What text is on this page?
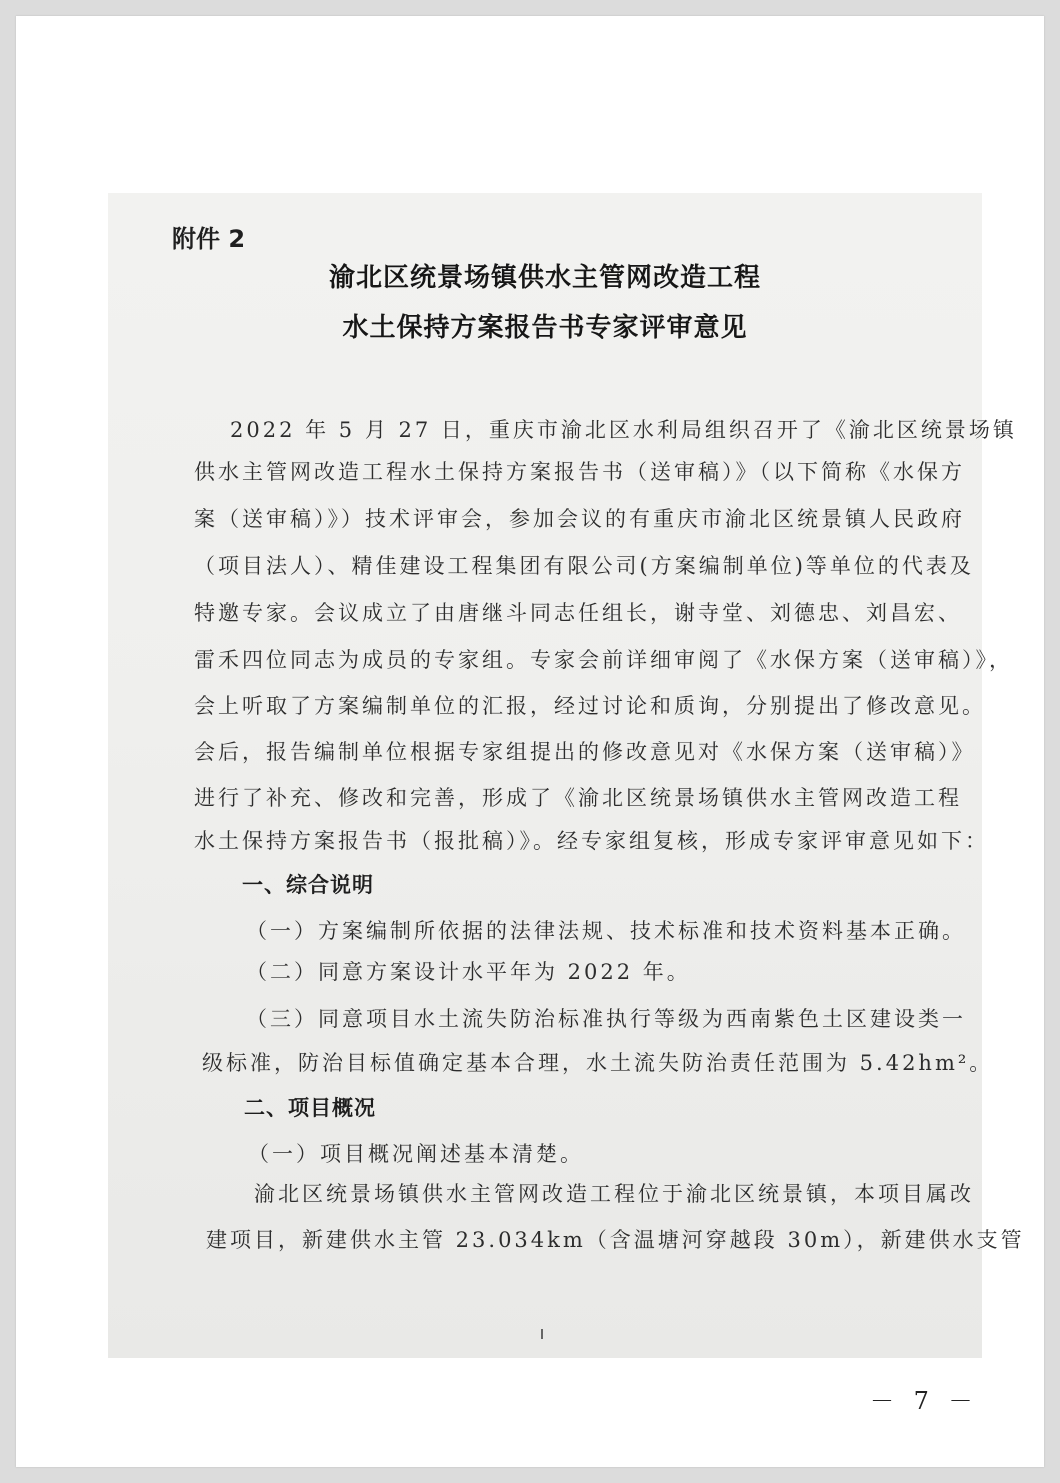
附件 2
渝北区统景场镇供水主管网改造工程
水土保持方案报告书专家评审意见
2022 年 5 月 27 日，重庆市渝北区水利局组织召开了《渝北区统景场镇
供水主管网改造工程水土保持方案报告书（送审稿）》（以下简称《水保方
案（送审稿）》）技术评审会，参加会议的有重庆市渝北区统景镇人民政府
（项目法人）、精佳建设工程集团有限公司(方案编制单位)等单位的代表及
特邀专家。会议成立了由唐继斗同志任组长，谢寺堂、刘德忠、刘昌宏、
雷禾四位同志为成员的专家组。专家会前详细审阅了《水保方案（送审稿）》，
会上听取了方案编制单位的汇报，经过讨论和质询，分别提出了修改意见。
会后，报告编制单位根据专家组提出的修改意见对《水保方案（送审稿）》
进行了补充、修改和完善，形成了《渝北区统景场镇供水主管网改造工程
水土保持方案报告书（报批稿）》。经专家组复核，形成专家评审意见如下：
一、综合说明
（一）方案编制所依据的法律法规、技术标准和技术资料基本正确。
（二）同意方案设计水平年为 2022 年。
（三）同意项目水土流失防治标准执行等级为西南紫色土区建设类一
级标准，防治目标值确定基本合理，水土流失防治责任范围为 5.42hm²。
二、项目概况
（一）项目概况阐述基本清楚。
渝北区统景场镇供水主管网改造工程位于渝北区统景镇，本项目属改
建项目，新建供水主管 23.034km（含温塘河穿越段 30m），新建供水支管
－ 7 －
